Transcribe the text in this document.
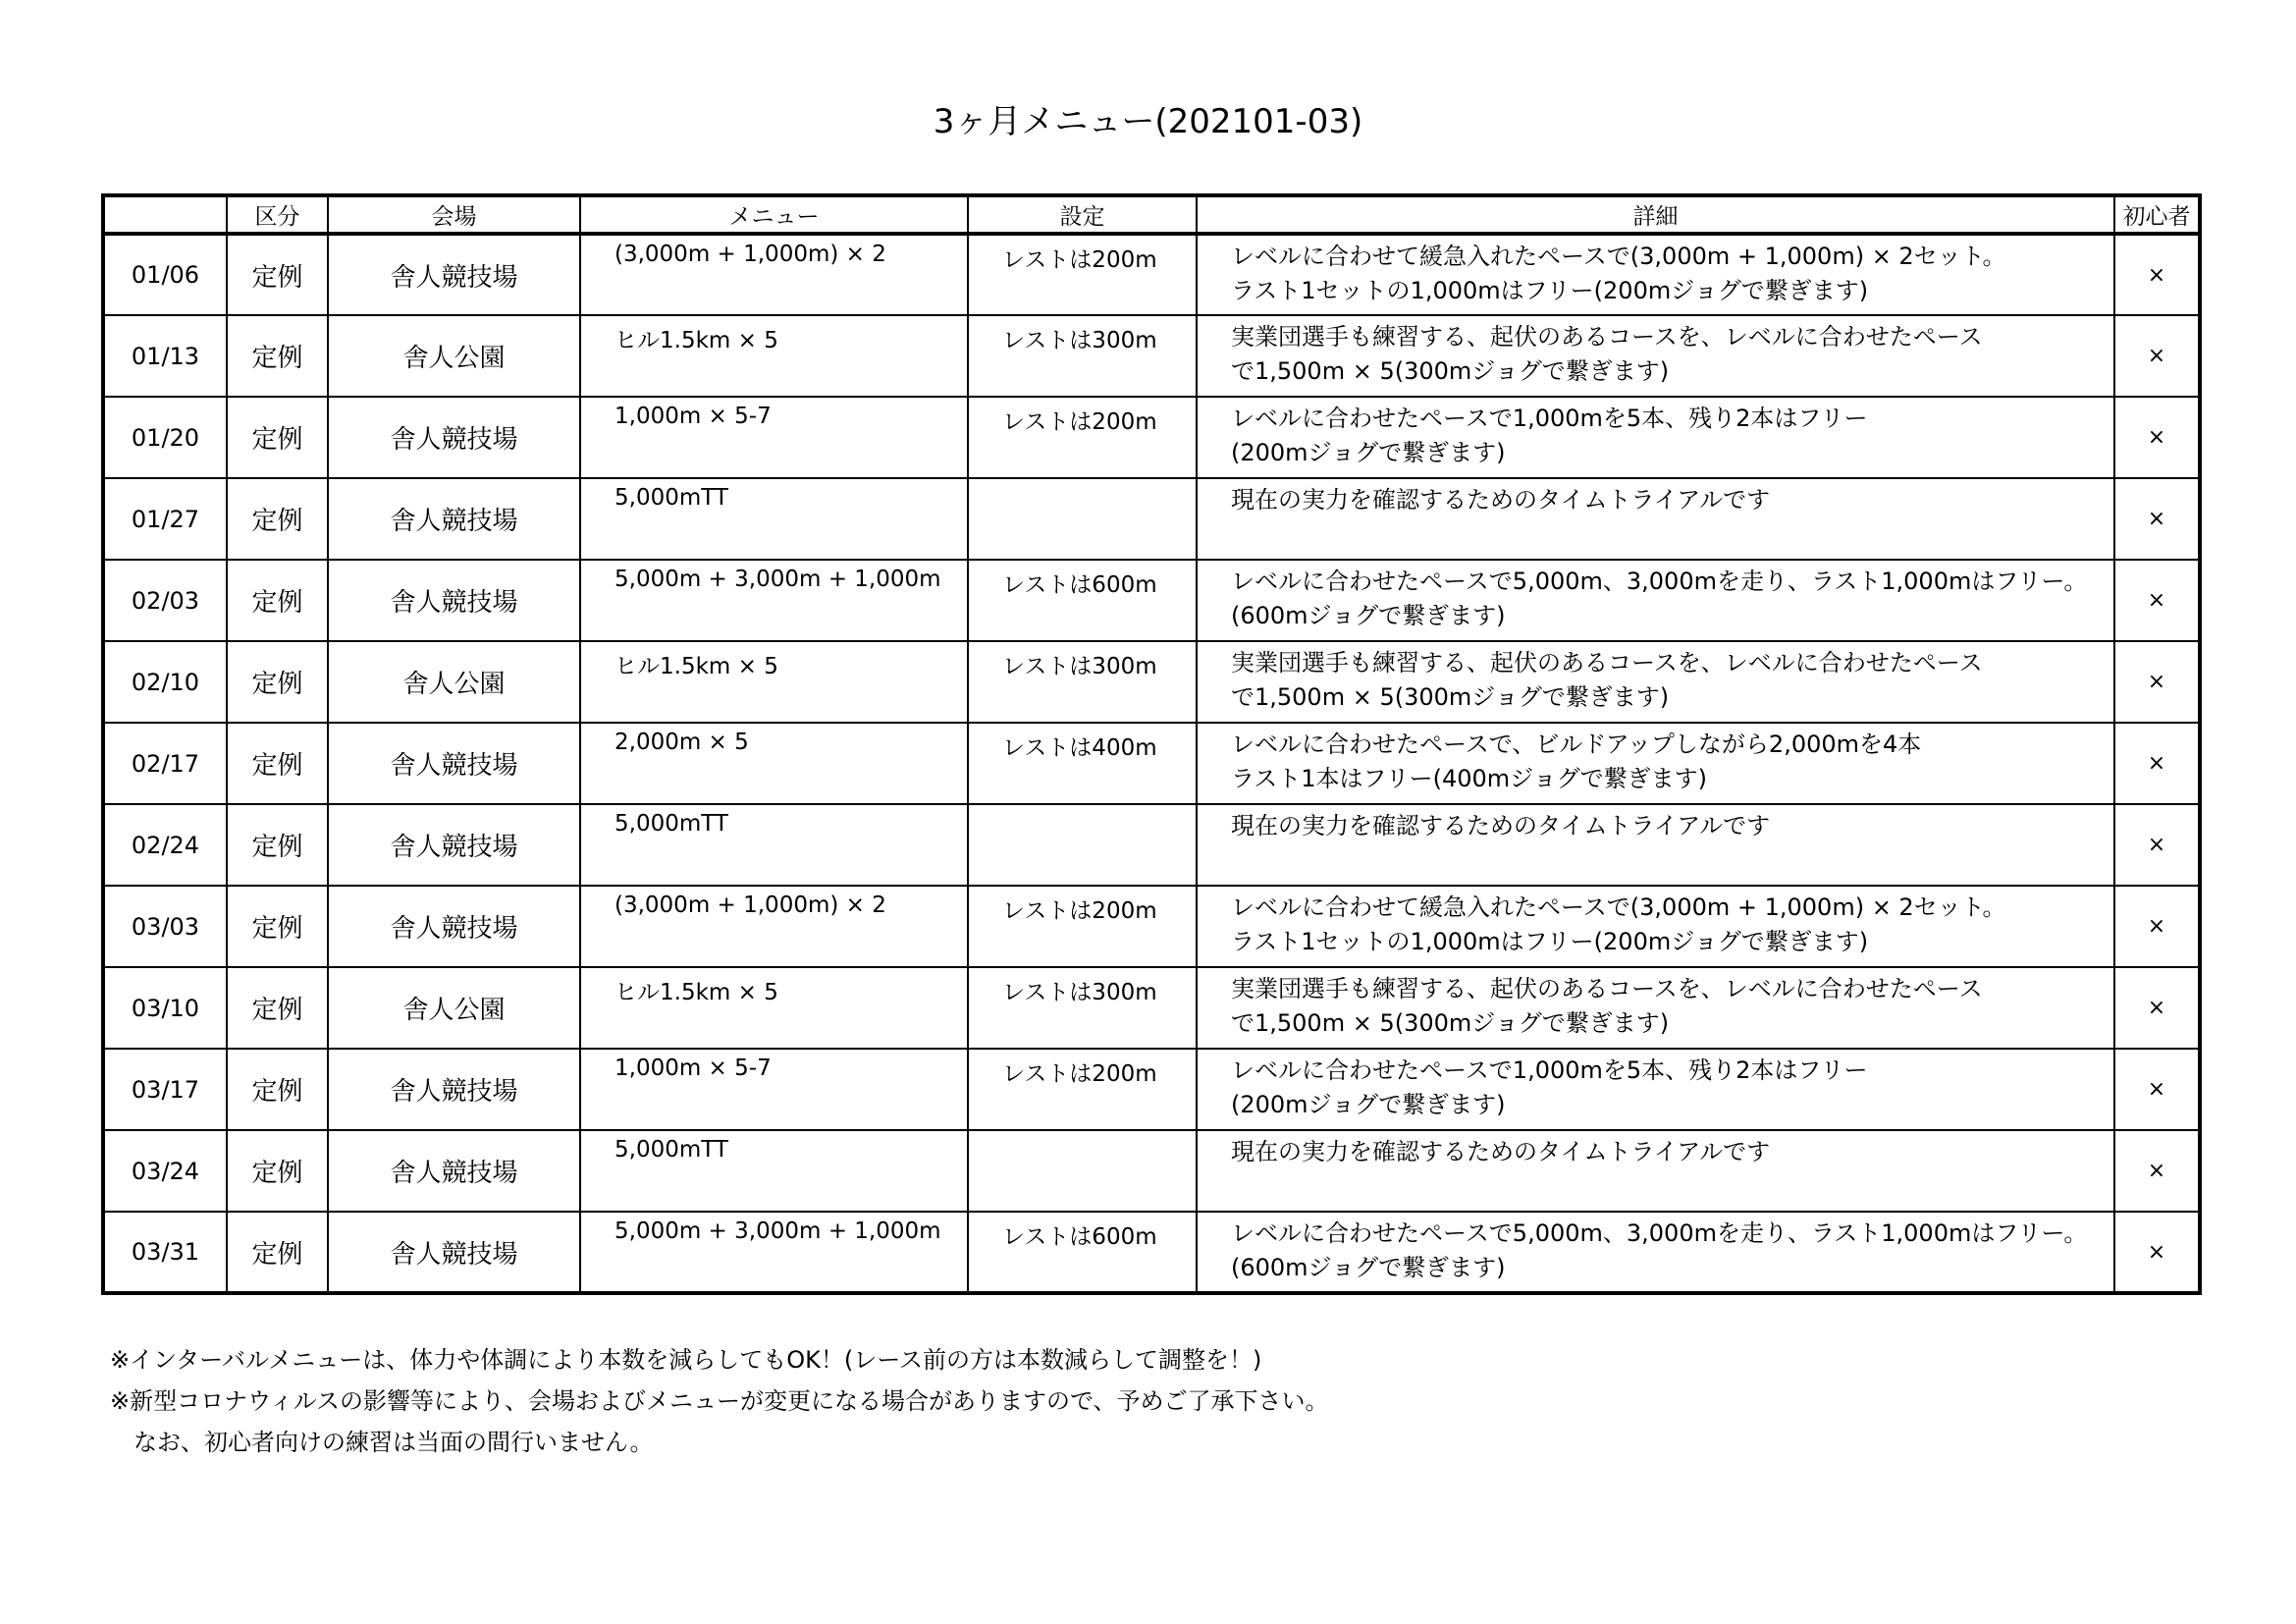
3ヶ月メニュー(202101-03)
	区分	会場	メニュー	設定	詳細	初心者
01/06	定例	舎人競技場	(3,000m + 1,000m) × 2	レストは200m	レベルに合わせて緩急入れたペースで(3,000m + 1,000m) × 2セット。
ラスト1セットの1,000mはフリー(200mジョグで繋ぎます)	×
01/13	定例	舎人公園	ヒル1.5km × 5	レストは300m	実業団選手も練習する、起伏のあるコースを、レベルに合わせたペース
で1,500m × 5(300mジョグで繋ぎます)	×
01/20	定例	舎人競技場	1,000m × 5-7	レストは200m	レベルに合わせたペースで1,000mを5本、残り2本はフリー
(200mジョグで繋ぎます)	×
01/27	定例	舎人競技場	5,000mTT		現在の実力を確認するためのタイムトライアルです	×
02/03	定例	舎人競技場	5,000m + 3,000m + 1,000m	レストは600m	レベルに合わせたペースで5,000m、3,000mを走り、ラスト1,000mはフリー。
(600mジョグで繋ぎます)	×
02/10	定例	舎人公園	ヒル1.5km × 5	レストは300m	実業団選手も練習する、起伏のあるコースを、レベルに合わせたペース
で1,500m × 5(300mジョグで繋ぎます)	×
02/17	定例	舎人競技場	2,000m × 5	レストは400m	レベルに合わせたペースで、ビルドアップしながら2,000mを4本
ラスト1本はフリー(400mジョグで繋ぎます)	×
02/24	定例	舎人競技場	5,000mTT		現在の実力を確認するためのタイムトライアルです	×
03/03	定例	舎人競技場	(3,000m + 1,000m) × 2	レストは200m	レベルに合わせて緩急入れたペースで(3,000m + 1,000m) × 2セット。
ラスト1セットの1,000mはフリー(200mジョグで繋ぎます)	×
03/10	定例	舎人公園	ヒル1.5km × 5	レストは300m	実業団選手も練習する、起伏のあるコースを、レベルに合わせたペース
で1,500m × 5(300mジョグで繋ぎます)	×
03/17	定例	舎人競技場	1,000m × 5-7	レストは200m	レベルに合わせたペースで1,000mを5本、残り2本はフリー
(200mジョグで繋ぎます)	×
03/24	定例	舎人競技場	5,000mTT		現在の実力を確認するためのタイムトライアルです	×
03/31	定例	舎人競技場	5,000m + 3,000m + 1,000m	レストは600m	レベルに合わせたペースで5,000m、3,000mを走り、ラスト1,000mはフリー。
(600mジョグで繋ぎます)	×
※インターバルメニューは、体力や体調により本数を減らしてもOK！(レース前の方は本数減らして調整を！)
※新型コロナウィルスの影響等により、会場およびメニューが変更になる場合がありますので、予めご了承下さい。
　なお、初心者向けの練習は当面の間行いません。
